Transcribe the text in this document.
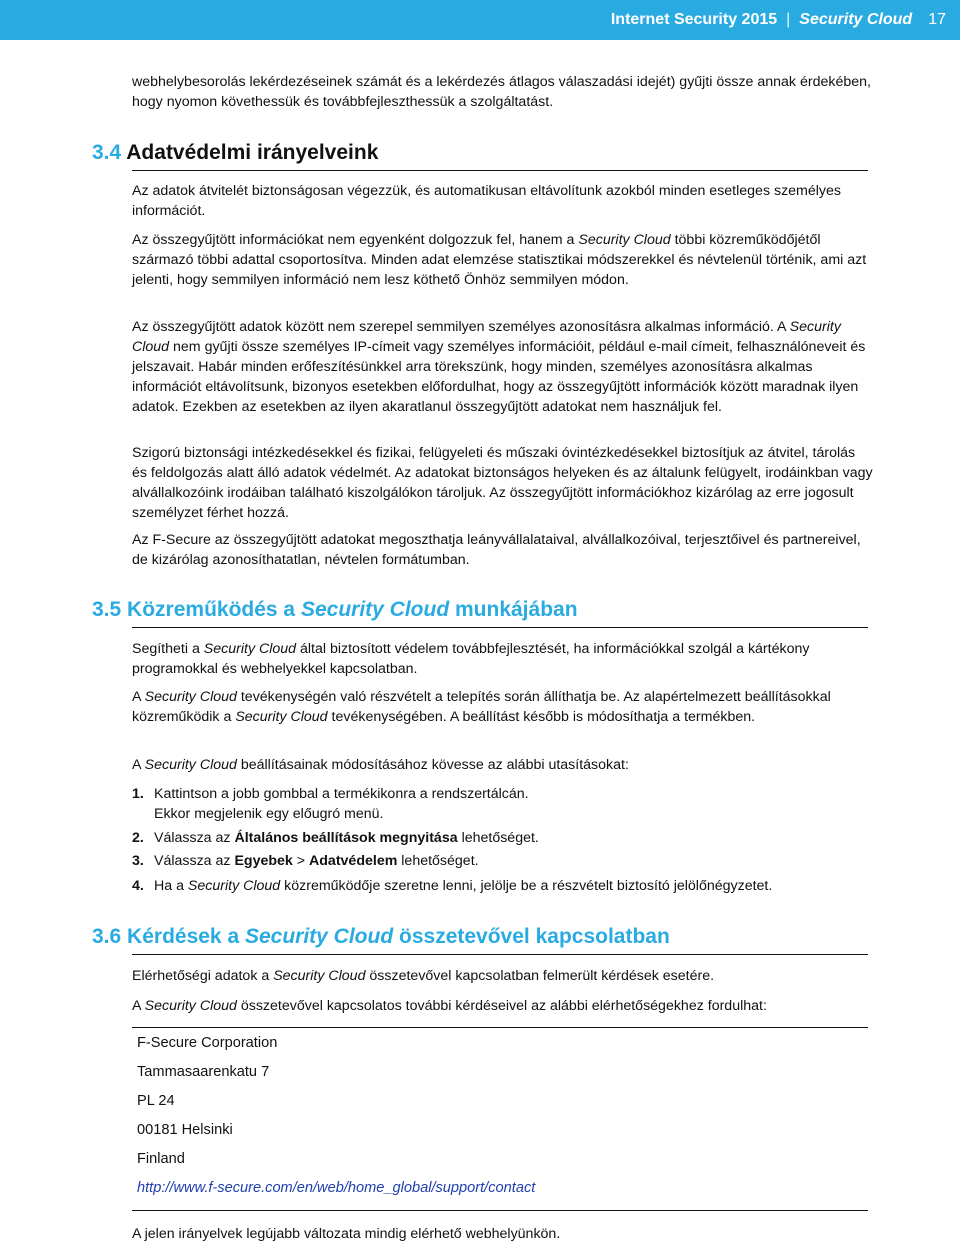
Internet Security 2015 | Security Cloud 17

webhelybesorolás lekérdezéseinek számát és a lekérdezés átlagos válaszadási idejét) gyűjti össze annak érdekében, hogy nyomon követhessük és továbbfejleszthessük a szolgáltatást.

3.4 Adatvédelmi irányelveink

Az adatok átvitelét biztonságosan végezzük, és automatikusan eltávolítunk azokból minden esetleges személyes információt.

Az összegyűjtött információkat nem egyenként dolgozzuk fel, hanem a Security Cloud többi közreműködőjétől származó többi adattal csoportosítva. Minden adat elemzése statisztikai módszerekkel és névtelenül történik, ami azt jelenti, hogy semmilyen információ nem lesz köthető Önhöz semmilyen módon.

Az összegyűjtött adatok között nem szerepel semmilyen személyes azonosításra alkalmas információ. A Security Cloud nem gyűjti össze személyes IP-címeit vagy személyes információit, például e-mail címeit, felhasználóneveit és jelszavait. Habár minden erőfeszítésünkkel arra törekszünk, hogy minden, személyes azonosításra alkalmas információt eltávolítsunk, bizonyos esetekben előfordulhat, hogy az összegyűjtött információk között maradnak ilyen adatok. Ezekben az esetekben az ilyen akaratlanul összegyűjtött adatokat nem használjuk fel.

Szigorú biztonsági intézkedésekkel és fizikai, felügyeleti és műszaki óvintézkedésekkel biztosítjuk az átvitel, tárolás és feldolgozás alatt álló adatok védelmét. Az adatokat biztonságos helyeken és az általunk felügyelt, irodáinkban vagy alvállalkozóink irodáiban található kiszolgálókon tároljuk. Az összegyűjtött információkhoz kizárólag az erre jogosult személyzet férhet hozzá.

Az F-Secure az összegyűjtött adatokat megoszthatja leányvállalataival, alvállalkozóival, terjesztőivel és partnereivel, de kizárólag azonosíthatatlan, névtelen formátumban.

3.5 Közreműködés a Security Cloud munkájában

Segítheti a Security Cloud által biztosított védelem továbbfejlesztését, ha információkkal szolgál a kártékony programokkal és webhelyekkel kapcsolatban.

A Security Cloud tevékenységén való részvételt a telepítés során állíthatja be. Az alapértelmezett beállításokkal közreműködik a Security Cloud tevékenységében. A beállítást később is módosíthatja a termékben.

A Security Cloud beállításainak módosításához kövesse az alábbi utasításokat:

1. Kattintson a jobb gombbal a termékikonra a rendszertálcán.
Ekkor megjelenik egy előugró menü.
2. Válassza az Általános beállítások megnyitása lehetőséget.
3. Válassza az Egyebek > Adatvédelem lehetőséget.
4. Ha a Security Cloud közreműködője szeretne lenni, jelölje be a részvételt biztosító jelölőnégyzetet.
3.6 Kérdések a Security Cloud összetevővel kapcsolatban

Elérhetőségi adatok a Security Cloud összetevővel kapcsolatban felmerült kérdések esetére.

A Security Cloud összetevővel kapcsolatos további kérdéseivel az alábbi elérhetőségekhez fordulhat:

F-Secure Corporation

Tammasaarenkatu 7

PL 24

00181 Helsinki

Finland

http://www.f-secure.com/en/web/home_global/support/contact

A jelen irányelvek legújabb változata mindig elérhető webhelyünkön.
